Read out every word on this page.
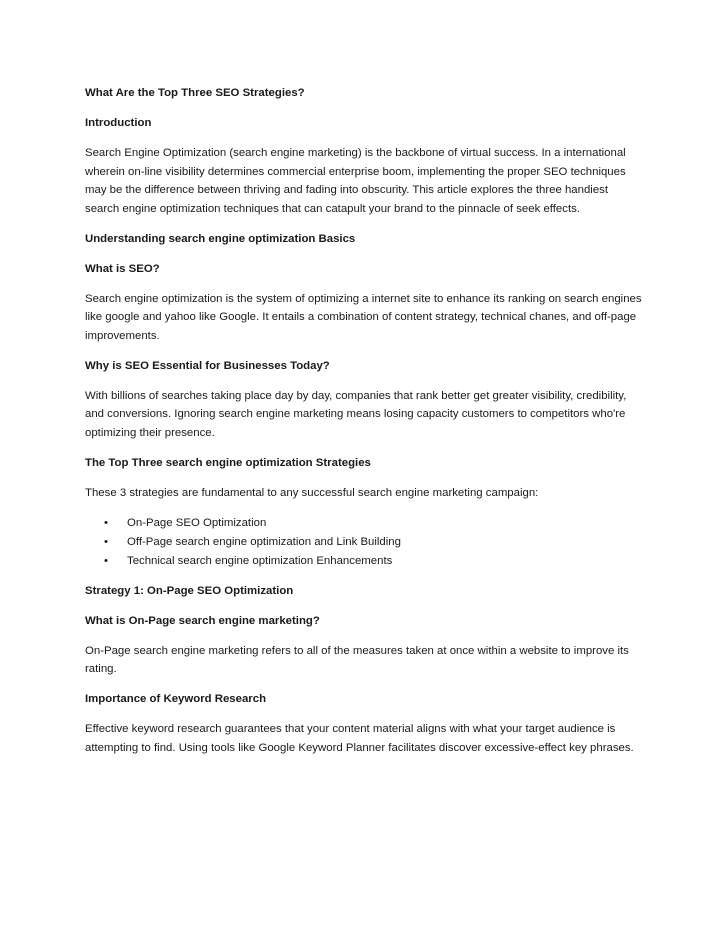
What Are the Top Three SEO Strategies?
Introduction

Search Engine Optimization (search engine marketing) is the backbone of virtual success. In a international wherein on-line visibility determines commercial enterprise boom, implementing the proper SEO techniques may be the difference between thriving and fading into obscurity. This article explores the three handiest search engine optimization techniques that can catapult your brand to the pinnacle of seek effects.

Understanding search engine optimization Basics
What is SEO?

Search engine optimization is the system of optimizing a internet site to enhance its ranking on search engines like google and yahoo like Google. It entails a combination of content strategy, technical chanes, and off-page improvements.

Why is SEO Essential for Businesses Today?

With billions of searches taking place day by day, companies that rank better get greater visibility, credibility, and conversions. Ignoring search engine marketing means losing capacity customers to competitors who're optimizing their presence.

The Top Three search engine optimization Strategies

These 3 strategies are fundamental to any successful search engine marketing campaign:

• On-Page SEO Optimization
• Off-Page search engine optimization and Link Building
• Technical search engine optimization Enhancements
Strategy 1: On-Page SEO Optimization
What is On-Page search engine marketing?

On-Page search engine marketing refers to all of the measures taken at once within a website to improve its rating.

Importance of Keyword Research

Effective keyword research guarantees that your content material aligns with what your target audience is attempting to find. Using tools like Google Keyword Planner facilitates discover excessive-effect key phrases.
